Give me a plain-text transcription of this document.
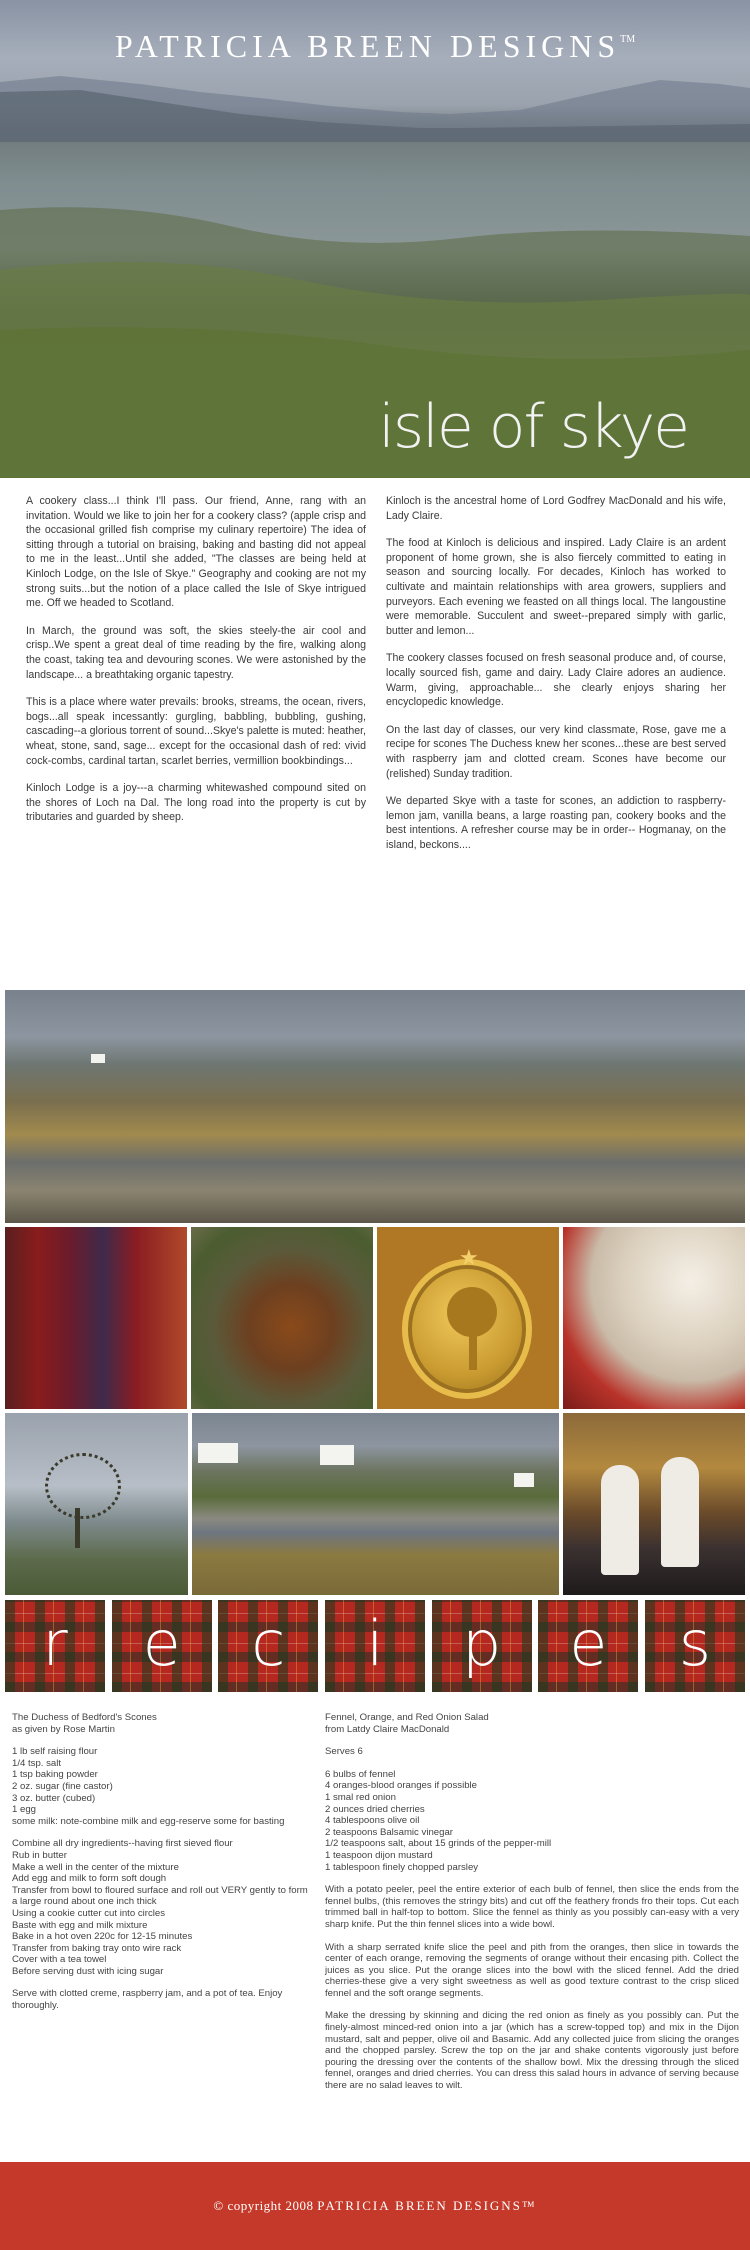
PATRICIA BREEN DESIGNS™
isle of skye

A cookery class...I think I'll pass. Our friend, Anne, rang with an invitation. Would we like to join her for a cookery class? (apple crisp and the occasional grilled fish comprise my culinary repertoire) The idea of sitting through a tutorial on braising, baking and basting did not appeal to me in the least...Until she added, "The classes are being held at Kinloch Lodge, on the Isle of Skye." Geography and cooking are not my strong suits...but the notion of a place called the Isle of Skye intrigued me. Off we headed to Scotland.

In March, the ground was soft, the skies steely-the air cool and crisp..We spent a great deal of time reading by the fire, walking along the coast, taking tea and devouring scones. We were astonished by the landscape... a breathtaking organic tapestry.

This is a place where water prevails: brooks, streams, the ocean, rivers, bogs...all speak incessantly: gurgling, babbling, bubbling, gushing, cascading--a glorious torrent of sound...Skye's palette is muted: heather, wheat, stone, sand, sage... except for the occasional dash of red: vivid cock-combs, cardinal tartan, scarlet berries, vermillion bookbindings...

Kinloch Lodge is a joy---a charming whitewashed compound sited on the shores of Loch na Dal. The long road into the property is cut by tributaries and guarded by sheep.

Kinloch is the ancestral home of Lord Godfrey MacDonald and his wife, Lady Claire.

The food at Kinloch is delicious and inspired. Lady Claire is an ardent proponent of home grown, she is also fiercely committed to eating in season and sourcing locally. For decades, Kinloch has worked to cultivate and maintain relationships with area growers, suppliers and purveyors. Each evening we feasted on all things local. The langoustine were memorable. Succulent and sweet--prepared simply with garlic, butter and lemon...

The cookery classes focused on fresh seasonal produce and, of course, locally sourced fish, game and dairy. Lady Claire adores an audience. Warm, giving, approachable... she clearly enjoys sharing her encyclopedic knowledge.

On the last day of classes, our very kind classmate, Rose, gave me a recipe for scones The Duchess knew her scones...these are best served with raspberry jam and clotted cream. Scones have become our (relished) Sunday tradition.

We departed Skye with a taste for scones, an addiction to raspberry-lemon jam, vanilla beans, a large roasting pan, cookery books and the best intentions. A refresher course may be in order-- Hogmanay, on the island, beckons....

★
r	e	c	i	p	e	s

The Duchess of Bedford's Scones
as given by Rose Martin

1 lb self raising flour
1/4 tsp. salt
1 tsp baking powder
2 oz. sugar (fine castor)
3 oz. butter (cubed)
1 egg
some milk: note-combine milk and egg-reserve some for basting

Combine all dry ingredients--having first sieved flour
Rub in butter
Make a well in the center of the mixture
Add egg and milk to form soft dough
Transfer from bowl to floured surface and roll out VERY gently to form a large round about one inch thick
Using a cookie cutter cut into circles
Baste with egg and milk mixture
Bake in a hot oven 220c for 12-15 minutes
Transfer from baking tray onto wire rack
Cover with a tea towel
Before serving dust with icing sugar

Serve with clotted creme, raspberry jam, and a pot of tea. Enjoy thoroughly.

Fennel, Orange, and Red Onion Salad
from Latdy Claire MacDonald

Serves 6

6 bulbs of fennel
4 oranges-blood oranges if possible
1 smal red onion
2 ounces dried cherries
4 tablespoons olive oil
2 teaspoons Balsamic vinegar
1/2 teaspoons salt, about 15 grinds of the pepper-mill
1 teaspoon dijon mustard
1 tablespoon finely chopped parsley

With a potato peeler, peel the entire exterior of each bulb of fennel, then slice the ends from the fennel bulbs, (this removes the stringy bits) and cut off the feathery fronds fro their tops. Cut each trimmed ball in half-top to bottom. Slice the fennel as thinly as you possibly can-easy with a very sharp knife. Put the thin fennel slices into a wide bowl.

With a sharp serrated knife slice the peel and pith from the oranges, then slice in towards the center of each orange, removing the segments of orange without their encasing pith. Collect the juices as you slice. Put the orange slices into the bowl with the sliced fennel. Add the dried cherries-these give a very sight sweetness as well as good texture contrast to the crisp sliced fennel and the soft orange segments.

Make the dressing by skinning and dicing the red onion as finely as you possibly can. Put the finely-almost minced-red onion into a jar (which has a screw-topped top) and mix in the Dijon mustard, salt and pepper, olive oil and Basamic. Add any collected juice from slicing the oranges and the chopped parsley. Screw the top on the jar and shake contents vigorously just before pouring the dressing over the contents of the shallow bowl. Mix the dressing through the sliced fennel, oranges and dried cherries. You can dress this salad hours in advance of serving because there are no salad leaves to wilt.

© copyright 2008 PATRICIA BREEN DESIGNS™
